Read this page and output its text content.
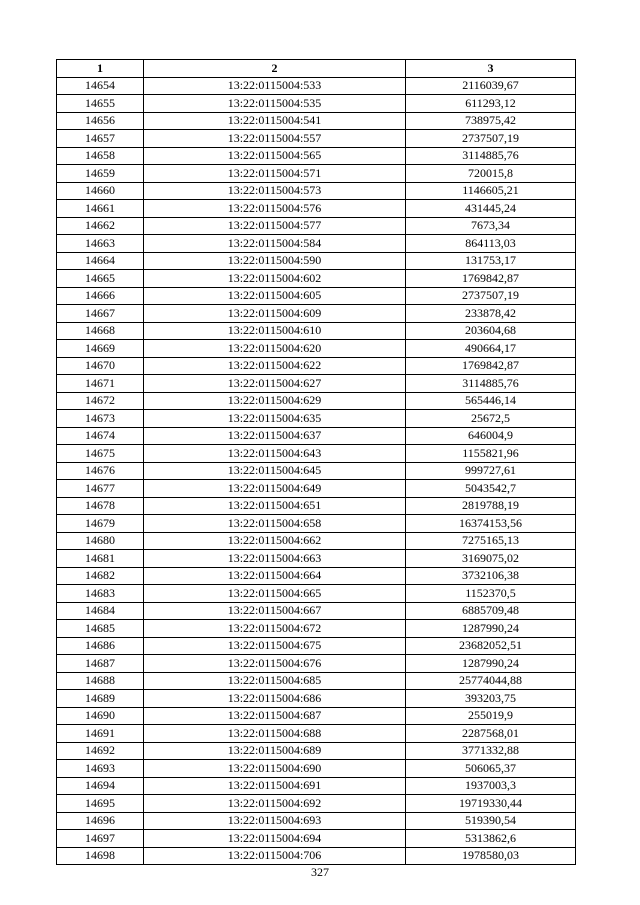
1	2	3
14654	13:22:0115004:533	2116039,67
14655	13:22:0115004:535	611293,12
14656	13:22:0115004:541	738975,42
14657	13:22:0115004:557	2737507,19
14658	13:22:0115004:565	3114885,76
14659	13:22:0115004:571	720015,8
14660	13:22:0115004:573	1146605,21
14661	13:22:0115004:576	431445,24
14662	13:22:0115004:577	7673,34
14663	13:22:0115004:584	864113,03
14664	13:22:0115004:590	131753,17
14665	13:22:0115004:602	1769842,87
14666	13:22:0115004:605	2737507,19
14667	13:22:0115004:609	233878,42
14668	13:22:0115004:610	203604,68
14669	13:22:0115004:620	490664,17
14670	13:22:0115004:622	1769842,87
14671	13:22:0115004:627	3114885,76
14672	13:22:0115004:629	565446,14
14673	13:22:0115004:635	25672,5
14674	13:22:0115004:637	646004,9
14675	13:22:0115004:643	1155821,96
14676	13:22:0115004:645	999727,61
14677	13:22:0115004:649	5043542,7
14678	13:22:0115004:651	2819788,19
14679	13:22:0115004:658	16374153,56
14680	13:22:0115004:662	7275165,13
14681	13:22:0115004:663	3169075,02
14682	13:22:0115004:664	3732106,38
14683	13:22:0115004:665	1152370,5
14684	13:22:0115004:667	6885709,48
14685	13:22:0115004:672	1287990,24
14686	13:22:0115004:675	23682052,51
14687	13:22:0115004:676	1287990,24
14688	13:22:0115004:685	25774044,88
14689	13:22:0115004:686	393203,75
14690	13:22:0115004:687	255019,9
14691	13:22:0115004:688	2287568,01
14692	13:22:0115004:689	3771332,88
14693	13:22:0115004:690	506065,37
14694	13:22:0115004:691	1937003,3
14695	13:22:0115004:692	19719330,44
14696	13:22:0115004:693	519390,54
14697	13:22:0115004:694	5313862,6
14698	13:22:0115004:706	1978580,03
327
